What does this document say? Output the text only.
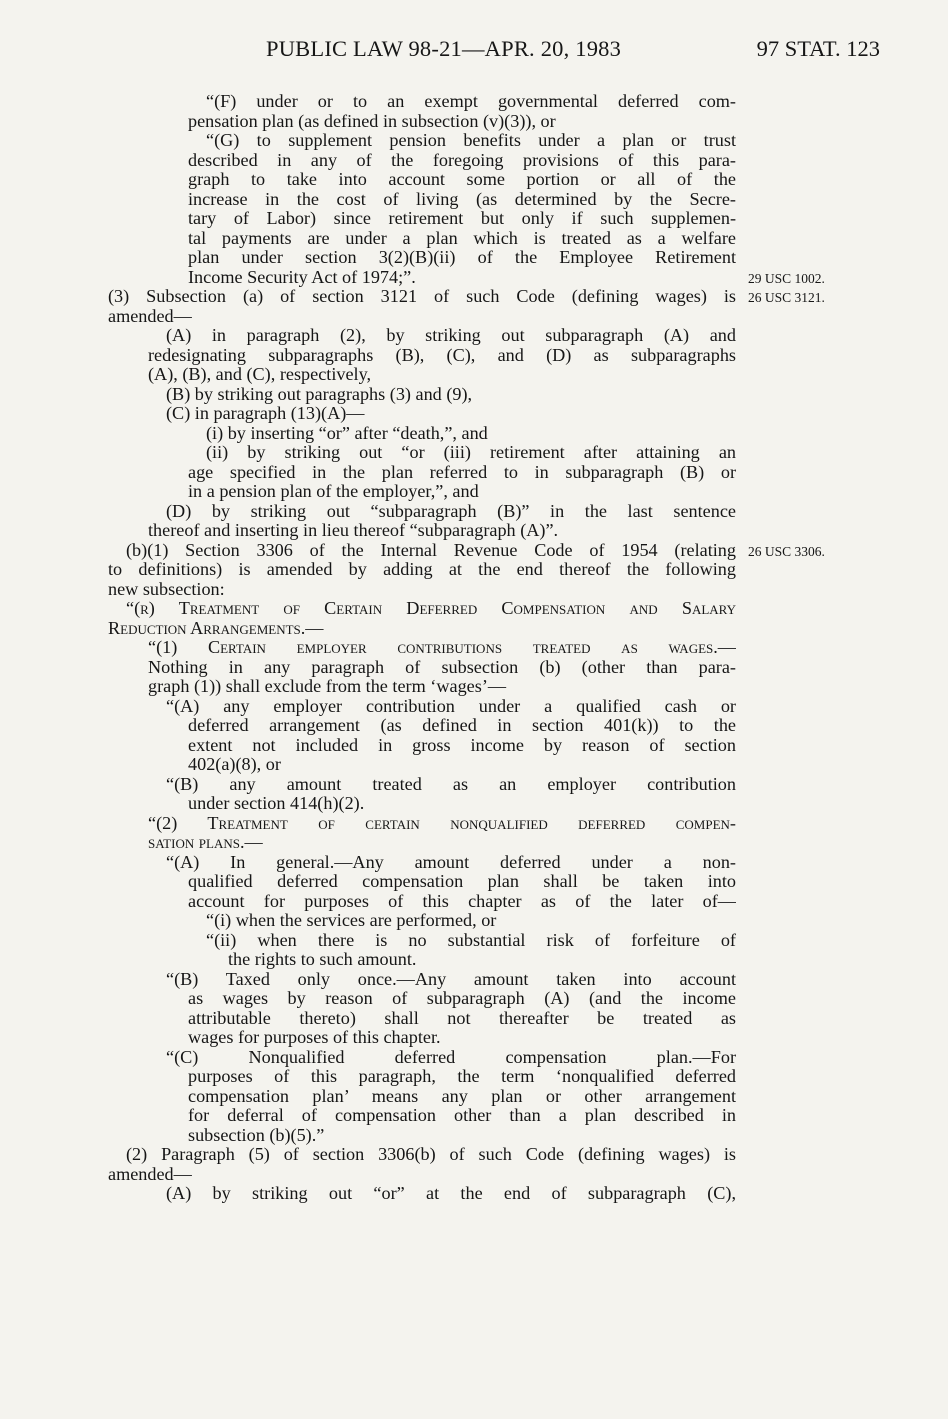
PUBLIC LAW 98-21—APR. 20, 1983	97 STAT. 123
“(F) under or to an exempt governmental deferred com-
pensation plan (as defined in subsection (v)(3)), or
“(G) to supplement pension benefits under a plan or trust
described in any of the foregoing provisions of this para-
graph to take into account some portion or all of the
increase in the cost of living (as determined by the Secre-
tary of Labor) since retirement but only if such supplemen-
tal payments are under a plan which is treated as a welfare
plan under section 3(2)(B)(ii) of the Employee Retirement
Income Security Act of 1974;”.
(3) Subsection (a) of section 3121 of such Code (defining wages) is
amended—
(A) in paragraph (2), by striking out subparagraph (A) and
redesignating subparagraphs (B), (C), and (D) as subparagraphs
(A), (B), and (C), respectively,
(B) by striking out paragraphs (3) and (9),
(C) in paragraph (13)(A)—
(i) by inserting “or” after “death,”, and
(ii) by striking out “or (iii) retirement after attaining an
age specified in the plan referred to in subparagraph (B) or
in a pension plan of the employer,”, and
(D) by striking out “subparagraph (B)” in the last sentence
thereof and inserting in lieu thereof “subparagraph (A)”.
(b)(1) Section 3306 of the Internal Revenue Code of 1954 (relating
to definitions) is amended by adding at the end thereof the following
new subsection:
“(r) Treatment of Certain Deferred Compensation and Salary
Reduction Arrangements.—
“(1) Certain employer contributions treated as wages.—
Nothing in any paragraph of subsection (b) (other than para-
graph (1)) shall exclude from the term ‘wages’—
“(A) any employer contribution under a qualified cash or
deferred arrangement (as defined in section 401(k)) to the
extent not included in gross income by reason of section
402(a)(8), or
“(B) any amount treated as an employer contribution
under section 414(h)(2).
“(2) Treatment of certain nonqualified deferred compen-
sation plans.—
“(A) In general.—Any amount deferred under a non-
qualified deferred compensation plan shall be taken into
account for purposes of this chapter as of the later of—
“(i) when the services are performed, or
“(ii) when there is no substantial risk of forfeiture of
the rights to such amount.
“(B) Taxed only once.—Any amount taken into account
as wages by reason of subparagraph (A) (and the income
attributable thereto) shall not thereafter be treated as
wages for purposes of this chapter.
“(C) Nonqualified deferred compensation plan.—For
purposes of this paragraph, the term ‘nonqualified deferred
compensation plan’ means any plan or other arrangement
for deferral of compensation other than a plan described in
subsection (b)(5).”
(2) Paragraph (5) of section 3306(b) of such Code (defining wages) is
amended—
(A) by striking out “or” at the end of subparagraph (C),
29 USC 1002.
26 USC 3121.
26 USC 3306.
